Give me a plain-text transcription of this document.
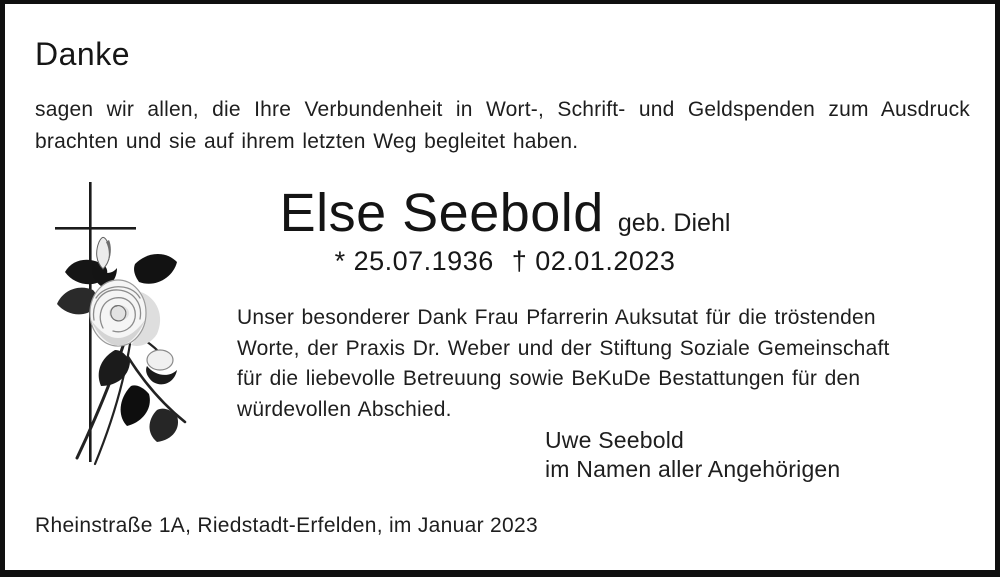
Danke
sagen wir allen, die Ihre Verbundenheit in Wort-, Schrift- und Geldspenden zum Ausdruck
brachten und sie auf ihrem letzten Weg begleitet haben.
Else Seebold geb. Diehl
* 25.07.1936 † 02.01.2023
Unser besonderer Dank Frau Pfarrerin Auksutat für die tröstenden
Worte, der Praxis Dr. Weber und der Stiftung Soziale Gemeinschaft
für die liebevolle Betreuung sowie BeKuDe Bestattungen für den
würdevollen Abschied.
Uwe Seebold
im Namen aller Angehörigen
Rheinstraße 1A, Riedstadt-Erfelden, im Januar 2023
